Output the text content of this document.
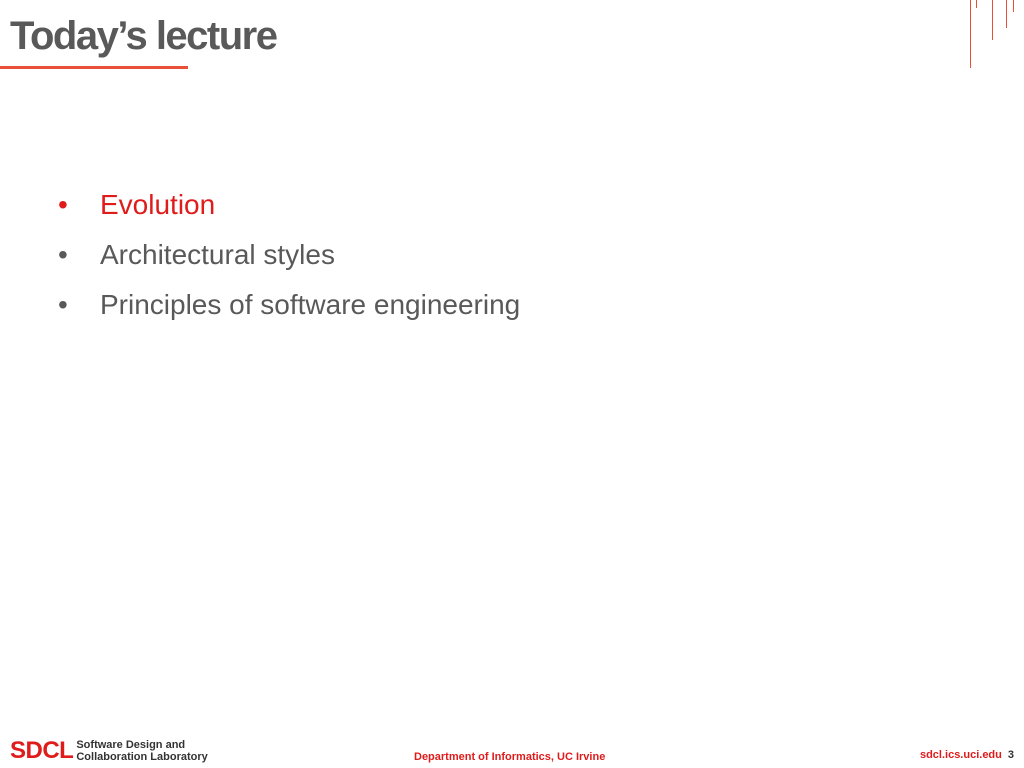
Today’s lecture
• Evolution
• Architectural styles
• Principles of software engineering
SDCL Software Design and
Collaboration Laboratory	Department of Informatics, UC Irvine	sdcl.ics.uci.edu 3
